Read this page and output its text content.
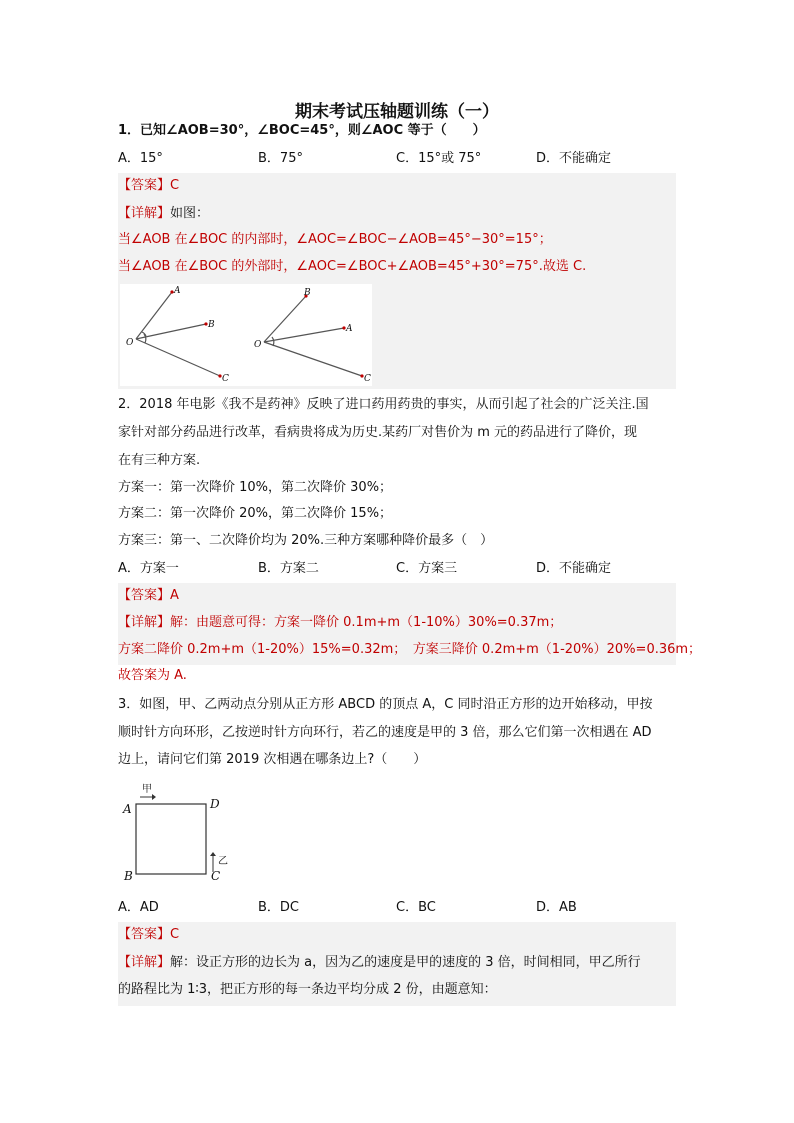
期末考试压轴题训练（一）
1．已知∠AOB=30°，∠BOC=45°，则∠AOC 等于（　　）
A．15°	B．75°	C．15°或 75°	D．不能确定
【答案】C
【详解】如图：
当∠AOB 在∠BOC 的内部时，∠AOC=∠BOC−∠AOB=45°−30°=15°；
当∠AOB 在∠BOC 的外部时，∠AOC=∠BOC+∠AOB=45°+30°=75°.故选 C.
A
B
O
C
B
A
O
C
2．2018 年电影《我不是药神》反映了进口药用药贵的事实，从而引起了社会的广泛关注.国
家针对部分药品进行改革，看病贵将成为历史.某药厂对售价为 m 元的药品进行了降价，现
在有三种方案.
方案一：第一次降价 10%，第二次降价 30%；
方案二：第一次降价 20%，第二次降价 15%；
方案三：第一、二次降价均为 20%.三种方案哪种降价最多（　）
A．方案一	B．方案二	C．方案三	D．不能确定
【答案】A
【详解】解：由题意可得：方案一降价 0.1m+m（1-10%）30%=0.37m；
方案二降价 0.2m+m（1-20%）15%=0.32m；　方案三降价 0.2m+m（1-20%）20%=0.36m；
故答案为 A.
3．如图，甲、乙两动点分别从正方形 ABCD 的顶点 A，C 同时沿正方形的边开始移动，甲按
顺时针方向环形，乙按逆时针方向环行，若乙的速度是甲的 3 倍，那么它们第一次相遇在 AD
边上，请问它们第 2019 次相遇在哪条边上?（　　）
A	D
B	C
甲
乙
A．AD	B．DC	C．BC	D．AB
【答案】C
【详解】解：设正方形的边长为 a，因为乙的速度是甲的速度的 3 倍，时间相同，甲乙所行
的路程比为 1∶3，把正方形的每一条边平均分成 2 份，由题意知：
